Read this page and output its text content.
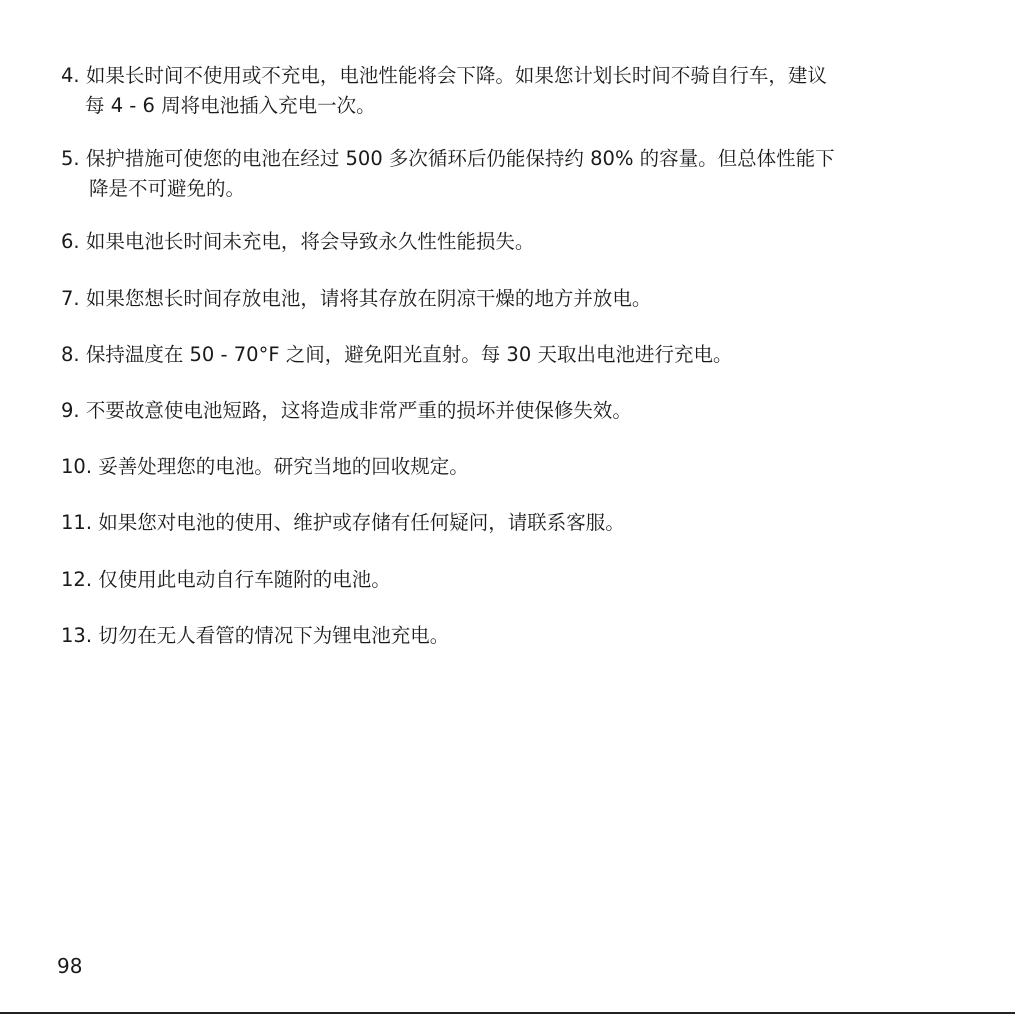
4. 如果长时间不使用或不充电，电池性能将会下降。如果您计划长时间不骑自行车，建议
每 4 - 6 周将电池插入充电一次。
5. 保护措施可使您的电池在经过 500 多次循环后仍能保持约 80% 的容量。但总体性能下
降是不可避免的。
6. 如果电池长时间未充电，将会导致永久性性能损失。
7. 如果您想长时间存放电池，请将其存放在阴凉干燥的地方并放电。
8. 保持温度在 50 - 70°F 之间，避免阳光直射。每 30 天取出电池进行充电。
9. 不要故意使电池短路，这将造成非常严重的损坏并使保修失效。
10. 妥善处理您的电池。研究当地的回收规定。
11. 如果您对电池的使用、维护或存储有任何疑问，请联系客服。
12. 仅使用此电动自行车随附的电池。
13. 切勿在无人看管的情况下为锂电池充电。
98
